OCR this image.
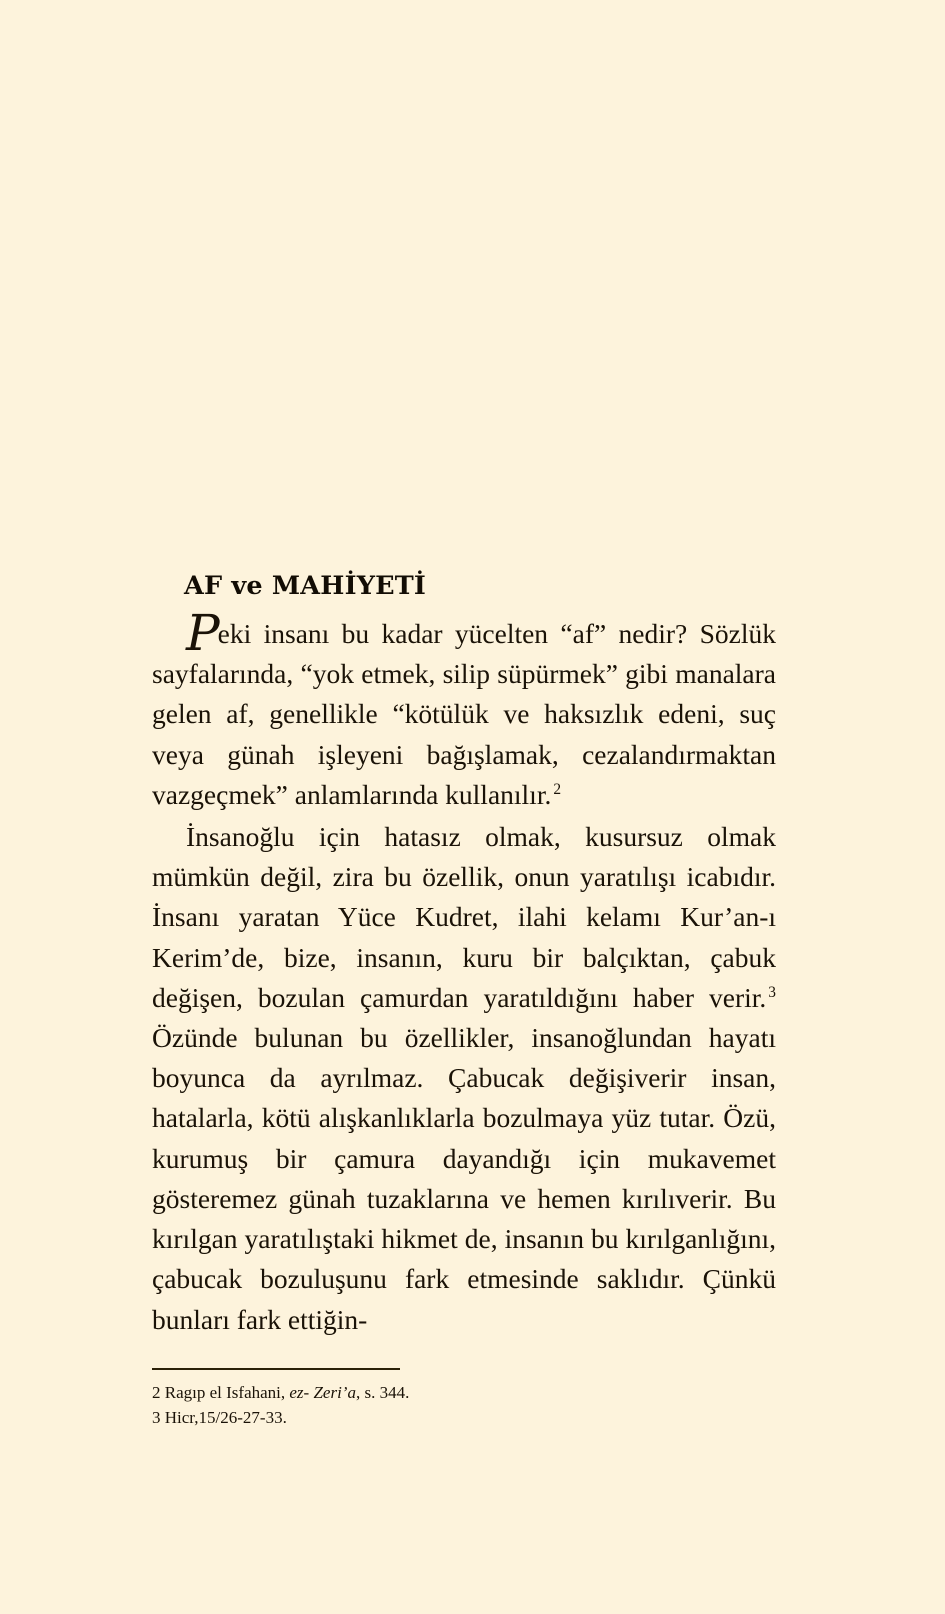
AF ve MAHİYETİ

Peki insanı bu kadar yücelten “af” nedir? Sözlük sayfalarında, “yok etmek, silip süpürmek” gibi manalara gelen af, genellikle “kötülük ve haksızlık edeni, suç veya günah işleyeni bağışlamak, cezalandırmaktan vazgeçmek” anlamlarında kullanılır. $^2$

İnsanoğlu için hatasız olmak, kusursuz olmak mümkün değil, zira bu özellik, onun yaratılışı icabıdır. İnsanı yaratan Yüce Kudret, ilahi kelamı Kur’an-ı Kerim’de, bize, insanın, kuru bir balçıktan, çabuk değişen, bozulan çamurdan yaratıldığını haber verir. $^3$ Özünde bulunan bu özellikler, insanoğlundan hayatı boyunca da ayrılmaz. Çabucak değişiverir insan, hatalarla, kötü alışkanlıklarla bozulmaya yüz tutar. Özü, kurumuş bir çamura dayandığı için mukavemet gösteremez günah tuzaklarına ve hemen kırılıverir. Bu kırılgan yaratılıştaki hikmet de, insanın bu kırılganlığını, çabucak bozuluşunu fark etmesinde saklıdır. Çünkü bunları fark ettiğin-

2 Ragıp el Isfahani, ez- Zeri’a, s. 344.
3 Hicr,15/26-27-33.
